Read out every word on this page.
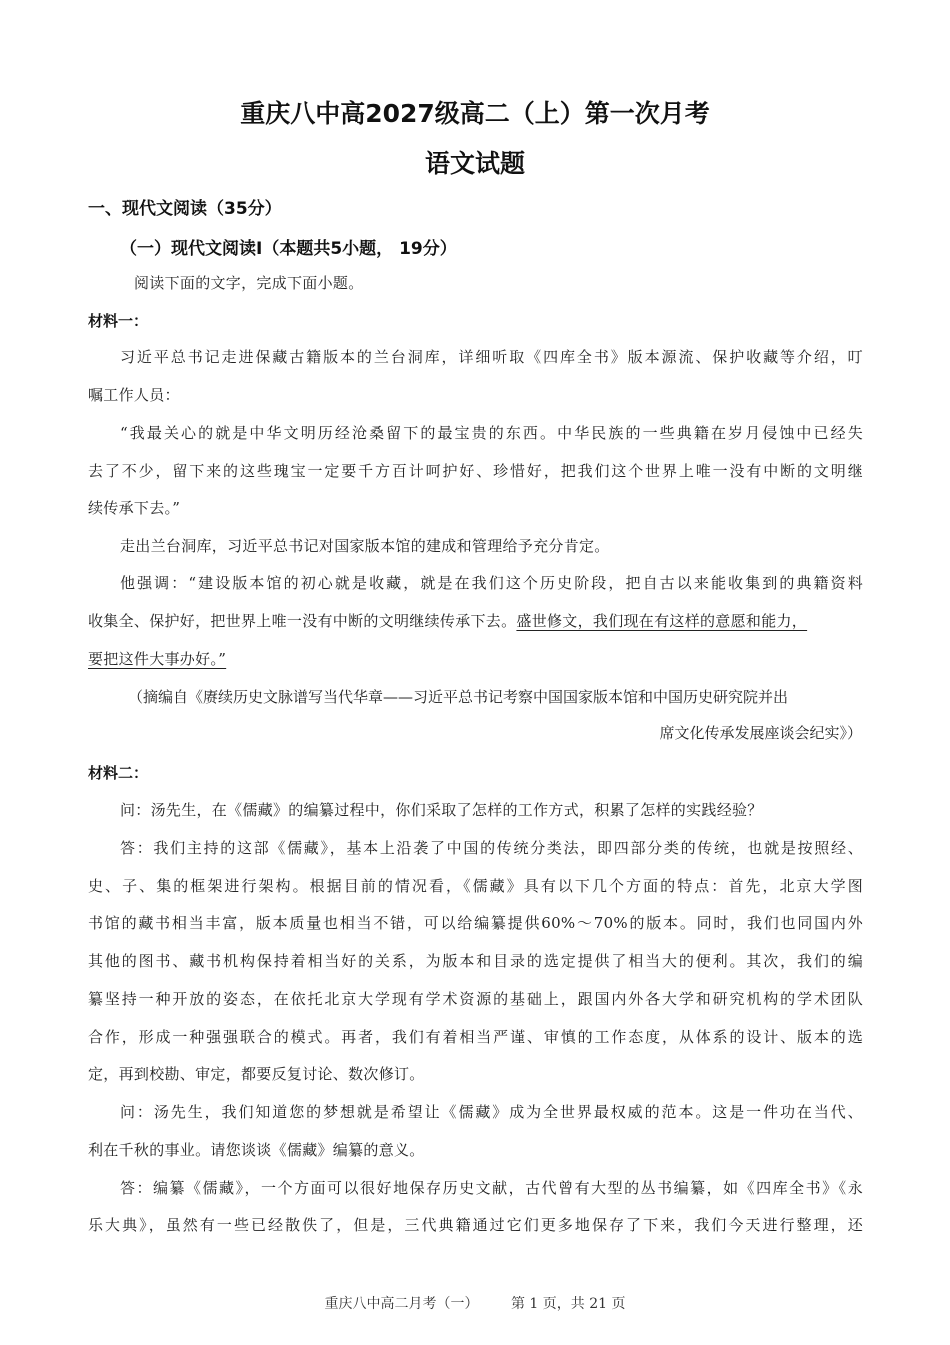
重庆八中高2027级高二（上）第一次月考
语文试题
一、现代文阅读（35分）
（一）现代文阅读I（本题共5小题， 19分）
阅读下面的文字，完成下面小题。
材料一：
习近平总书记走进保藏古籍版本的兰台洞库，详细听取《四库全书》版本源流、保护收藏等介绍，叮
嘱工作人员：
“我最关心的就是中华文明历经沧桑留下的最宝贵的东西。中华民族的一些典籍在岁月侵蚀中已经失
去了不少，留下来的这些瑰宝一定要千方百计呵护好、珍惜好，把我们这个世界上唯一没有中断的文明继
续传承下去。”
走出兰台洞库，习近平总书记对国家版本馆的建成和管理给予充分肯定。
他强调：“建设版本馆的初心就是收藏，就是在我们这个历史阶段，把自古以来能收集到的典籍资料
收集全、保护好，把世界上唯一没有中断的文明继续传承下去。盛世修文，我们现在有这样的意愿和能力，
要把这件大事办好。”
（摘编自《赓续历史文脉谱写当代华章——习近平总书记考察中国国家版本馆和中国历史研究院并出
席文化传承发展座谈会纪实》）
材料二：
问：汤先生，在《儒藏》的编纂过程中，你们采取了怎样的工作方式，积累了怎样的实践经验？
答：我们主持的这部《儒藏》，基本上沿袭了中国的传统分类法，即四部分类的传统，也就是按照经、
史、子、集的框架进行架构。根据目前的情况看，《儒藏》具有以下几个方面的特点：首先，北京大学图
书馆的藏书相当丰富，版本质量也相当不错，可以给编纂提供60%～70%的版本。同时，我们也同国内外
其他的图书、藏书机构保持着相当好的关系，为版本和目录的选定提供了相当大的便利。其次，我们的编
纂坚持一种开放的姿态，在依托北京大学现有学术资源的基础上，跟国内外各大学和研究机构的学术团队
合作，形成一种强强联合的模式。再者，我们有着相当严谨、审慎的工作态度，从体系的设计、版本的选
定，再到校勘、审定，都要反复讨论、数次修订。
问：汤先生，我们知道您的梦想就是希望让《儒藏》成为全世界最权威的范本。这是一件功在当代、
利在千秋的事业。请您谈谈《儒藏》编纂的意义。
答：编纂《儒藏》，一个方面可以很好地保存历史文献，古代曾有大型的丛书编纂，如《四库全书》《永
乐大典》，虽然有一些已经散佚了，但是，三代典籍通过它们更多地保存了下来，我们今天进行整理，还
重庆八中高二月考（一） 第 1 页，共 21 页
